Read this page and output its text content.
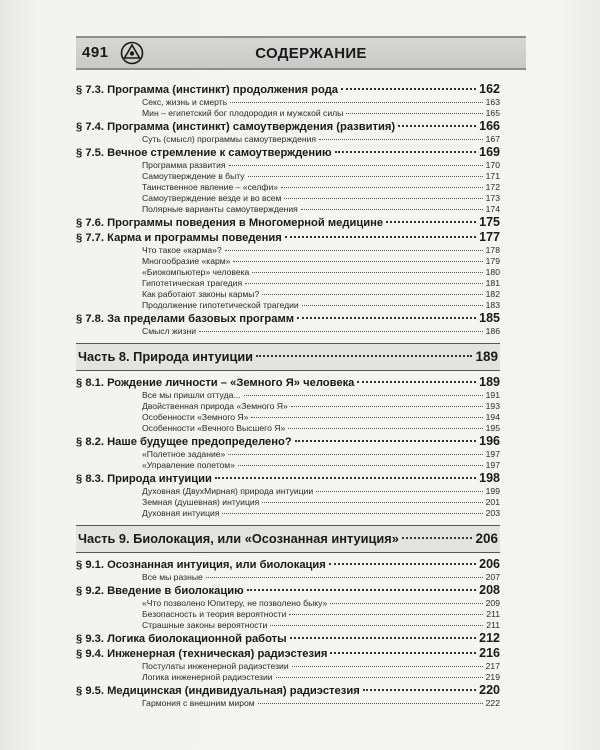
491	СОДЕРЖАНИЕ
§ 7.3. Программа (инстинкт) продолжения рода	162
Секс, жизнь и смерть	163
Мин – египетский бог плодородия и мужской силы	165
§ 7.4. Программа (инстинкт) самоутверждения (развития)	166
Суть (смысл) программы самоутверждения	167
§ 7.5. Вечное стремление к самоутверждению	169
Программа развития	170
Самоутверждение в быту	171
Таинственное явление – «селфи»	172
Самоутверждение везде и во всем	173
Полярные варианты самоутверждения	174
§ 7.6. Программы поведения в Многомерной медицине	175
§ 7.7. Карма и программы поведения	177
Что такое «карма»?	178
Многообразие «карм»	179
«Биокомпьютер» человека	180
Гипотетическая трагедия	181
Как работают законы кармы?	182
Продолжение гипотетической трагедии	183
§ 7.8. За пределами базовых программ	185
Смысл жизни	186
Часть 8. Природа интуиции	189
§ 8.1. Рождение личности – «Земного Я» человека	189
Все мы пришли оттуда...	191
Двойственная природа «Земного Я»	193
Особенности «Земного Я»	194
Особенности «Вечного Высшего Я»	195
§ 8.2. Наше будущее предопределено?	196
«Полетное задание»	197
«Управление полетом»	197
§ 8.3. Природа интуиции	198
Духовная (ДвухМирная) природа интуиции	199
Земная (душевная) интуиция	201
Духовная интуиция	203
Часть 9. Биолокация, или «Осознанная интуиция»	206
§ 9.1. Осознанная интуиция, или биолокация	206
Все мы разные	207
§ 9.2. Введение в биолокацию	208
«Что позволено Юпитеру, не позволено быку»	209
Безопасность и теория вероятности	211
Страшные законы вероятности	211
§ 9.3. Логика биолокационной работы	212
§ 9.4. Инженерная (техническая) радиэстезия	216
Постулаты инженерной радиэстезии	217
Логика инженерной радиэстезии	219
§ 9.5. Медицинская (индивидуальная) радиэстезия	220
Гармония с внешним миром	222
